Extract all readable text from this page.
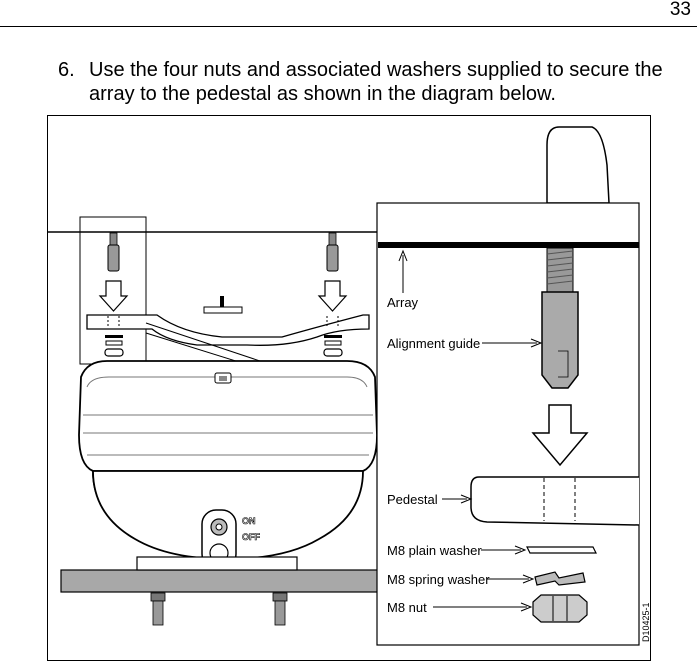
33
6. Use the four nuts and associated washers supplied to secure the array to the pedestal as shown in the diagram below.
ON
OFF
Array
Alignment guide
Pedestal
M8 plain washer
M8 spring washer
M8 nut	D10425-1
